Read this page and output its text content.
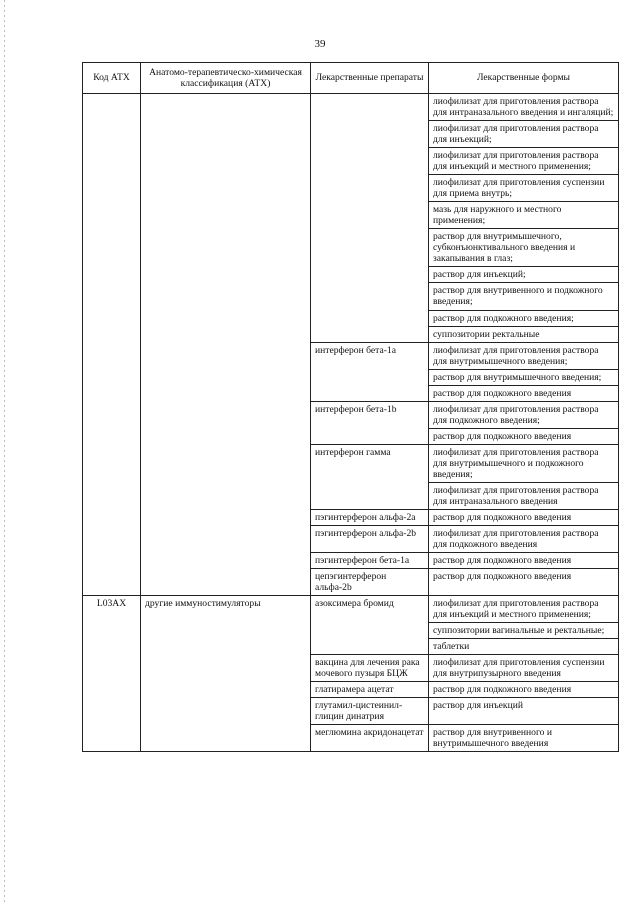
39
Код АТХ	Анатомо-терапевтическо-химическая классификация (АТХ)	Лекарственные препараты	Лекарственные формы
			лиофилизат для приготовления раствора для интраназального введения и ингаляций;
			лиофилизат для приготовления раствора для инъекций;
			лиофилизат для приготовления раствора для инъекций и местного применения;
			лиофилизат для приготовления суспензии для приема внутрь;
			мазь для наружного и местного применения;
			раствор для внутримышечного, субконъюнктивального введения и закапывания в глаз;
			раствор для инъекций;
			раствор для внутривенного и подкожного введения;
			раствор для подкожного введения;
			суппозитории ректальные
		интерферон бета-1a	лиофилизат для приготовления раствора для внутримышечного введения;
			раствор для внутримышечного введения;
			раствор для подкожного введения
		интерферон бета-1b	лиофилизат для приготовления раствора для подкожного введения;
			раствор для подкожного введения
		интерферон гамма	лиофилизат для приготовления раствора для внутримышечного и подкожного введения;
			лиофилизат для приготовления раствора для интраназального введения
		пэгинтерферон альфа-2a	раствор для подкожного введения
		пэгинтерферон альфа-2b	лиофилизат для приготовления раствора для подкожного введения
		пэгинтерферон бета-1a	раствор для подкожного введения
		цепэгинтерферон альфа-2b	раствор для подкожного введения
L03AX	другие иммуностимуляторы	азоксимера бромид	лиофилизат для приготовления раствора для инъекций и местного применения;
			суппозитории вагинальные и ректальные;
			таблетки
		вакцина для лечения рака мочевого пузыря БЦЖ	лиофилизат для приготовления суспензии для внутрипузырного введения
		глатирамера ацетат	раствор для подкожного введения
		глутамил-цистеинил-глицин динатрия	раствор для инъекций
		меглюмина акридонацетат	раствор для внутривенного и внутримышечного введения
